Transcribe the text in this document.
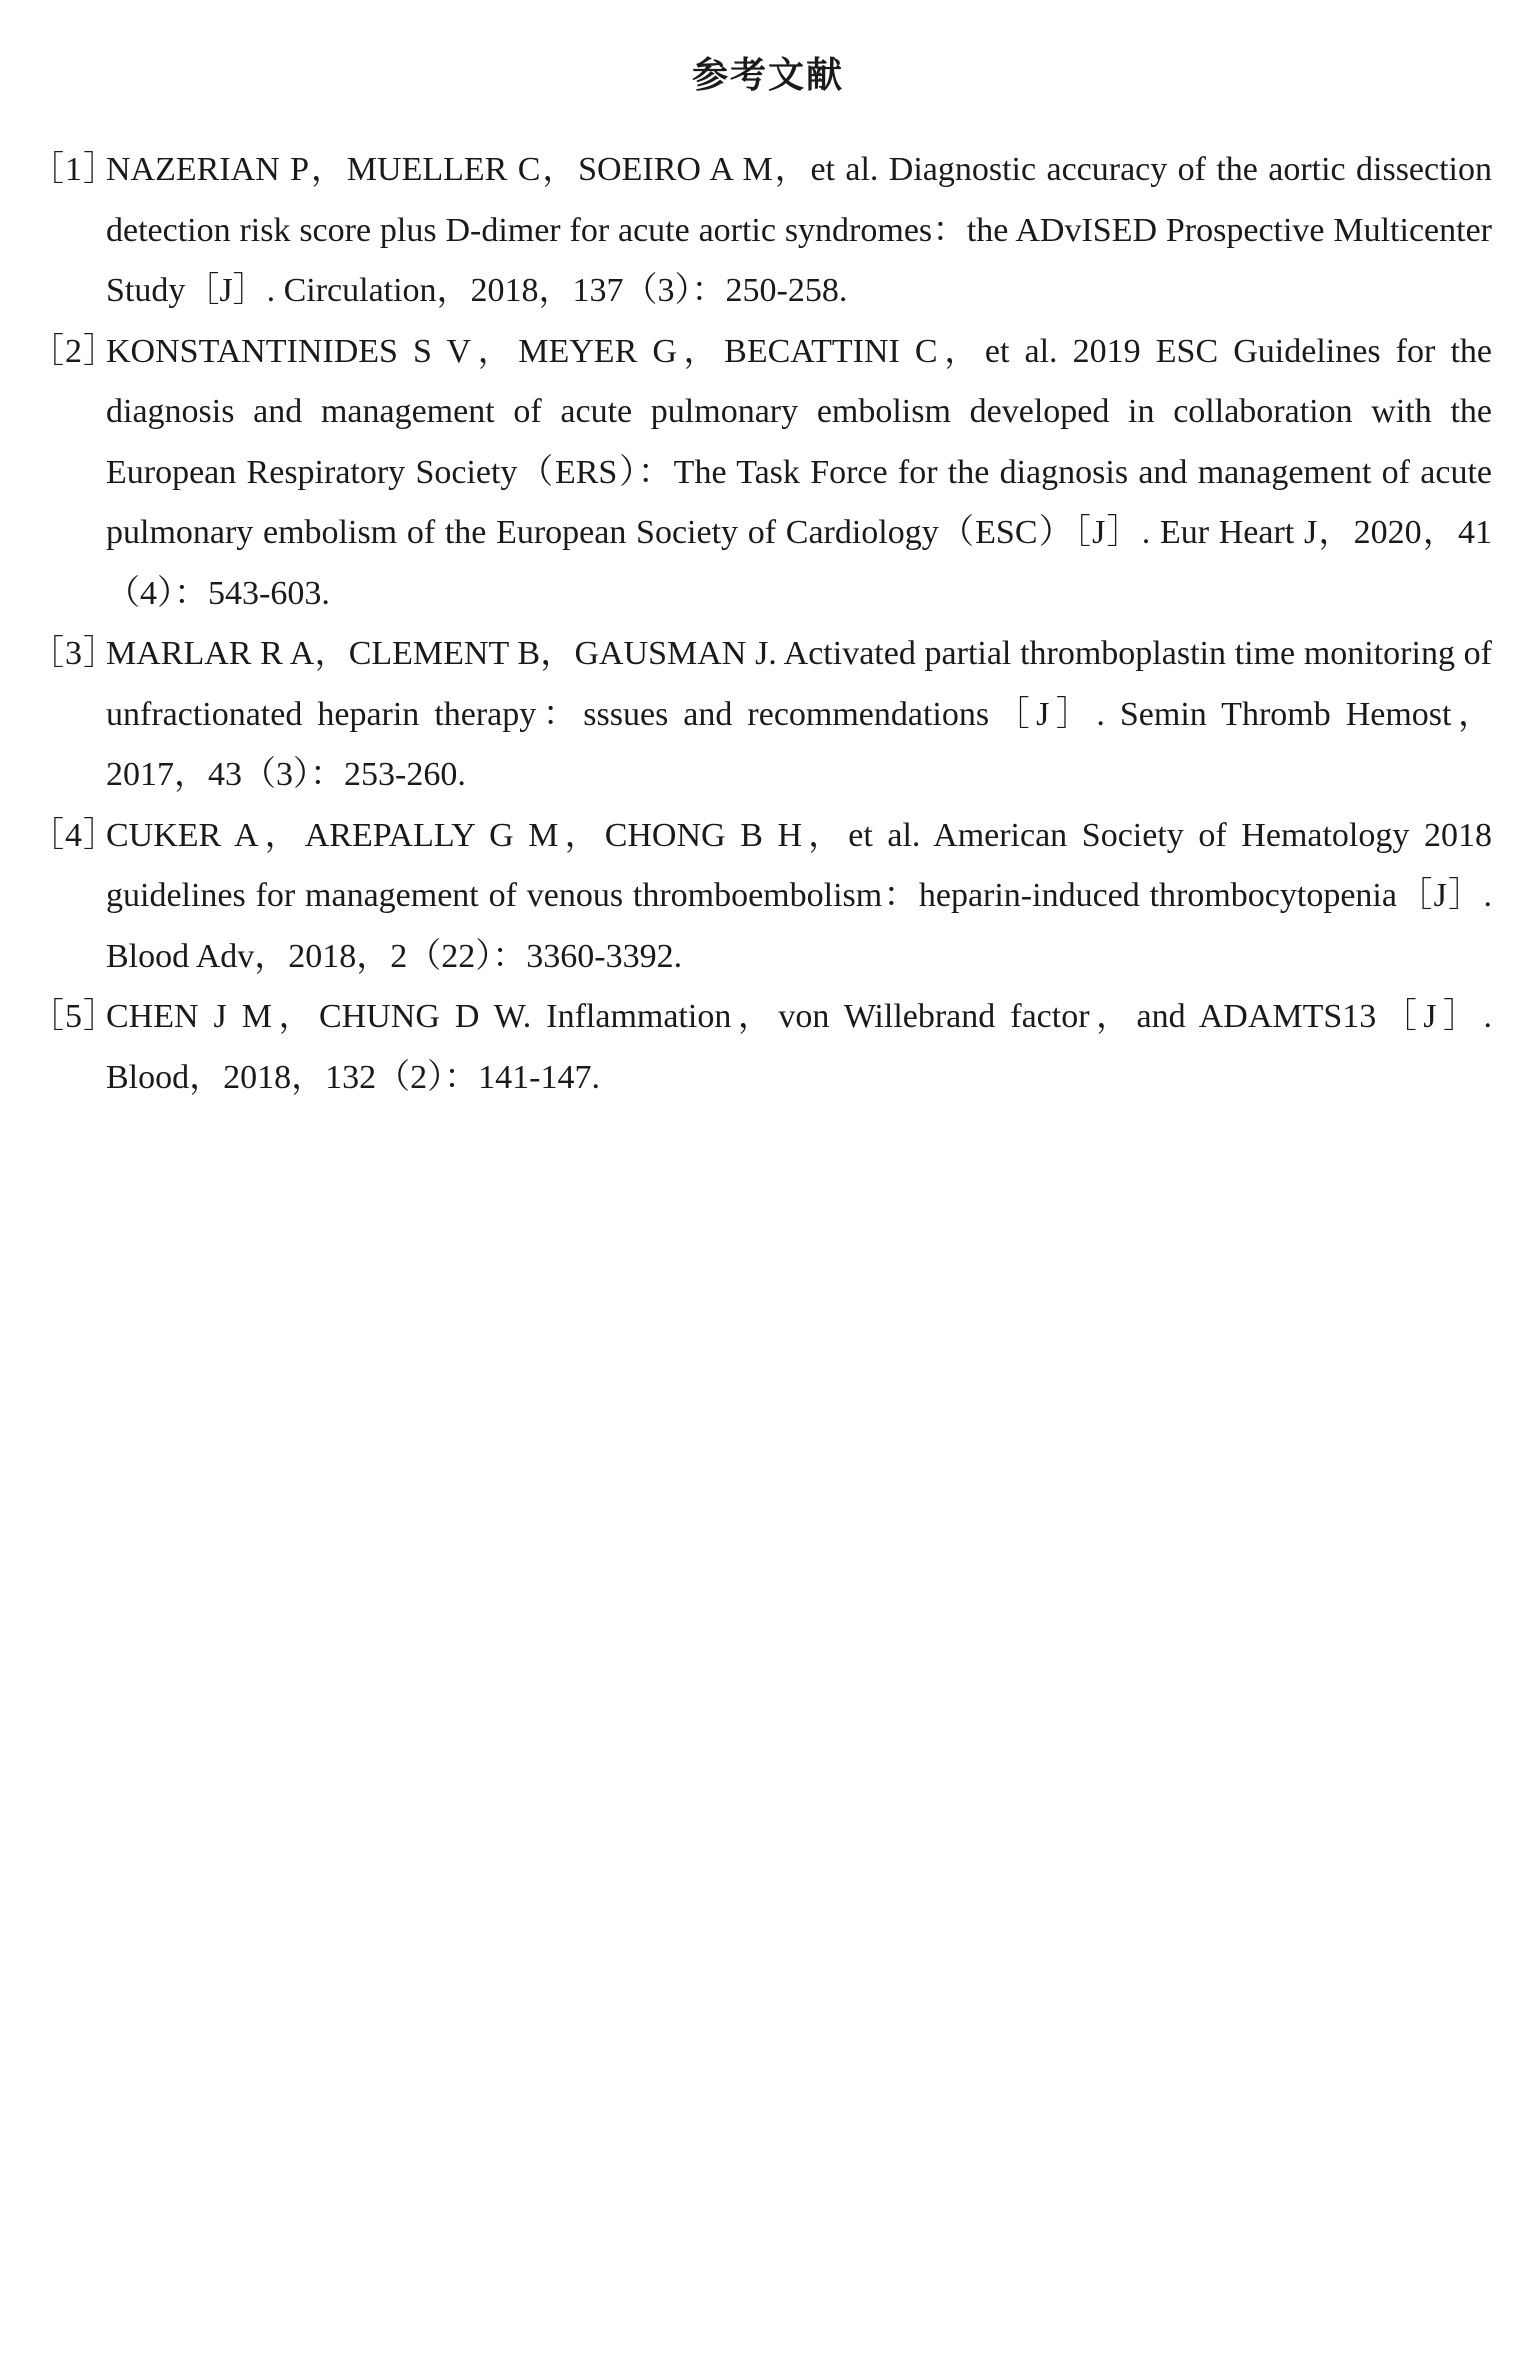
参考文献
［1］
NAZERIAN P，MUELLER C，SOEIRO A M，et al. Diagnostic accuracy of the aortic dissection detection risk score plus D-dimer for acute aortic syndromes：the ADvISED Prospective Multicenter Study［J］. Circulation，2018，137（3）：250-258.
［2］
KONSTANTINIDES S V，MEYER G，BECATTINI C，et al. 2019 ESC Guidelines for the diagnosis and management of acute pulmonary embolism developed in collaboration with the European Respiratory Society（ERS）：The Task Force for the diagnosis and management of acute pulmonary embolism of the European Society of Cardiology（ESC）［J］. Eur Heart J，2020，41（4）：543-603.
［3］
MARLAR R A，CLEMENT B，GAUSMAN J. Activated partial thromboplastin time monitoring of unfractionated heparin therapy：sssues and recommendations［J］. Semin Thromb Hemost，2017，43（3）：253-260.
［4］
CUKER A，AREPALLY G M，CHONG B H，et al. American Society of Hematology 2018 guidelines for management of venous thromboembolism：heparin-induced thrombocytopenia［J］. Blood Adv，2018，2（22）：3360-3392.
［5］
CHEN J M，CHUNG D W. Inflammation，von Willebrand factor，and ADAMTS13［J］. Blood，2018，132（2）：141-147.
